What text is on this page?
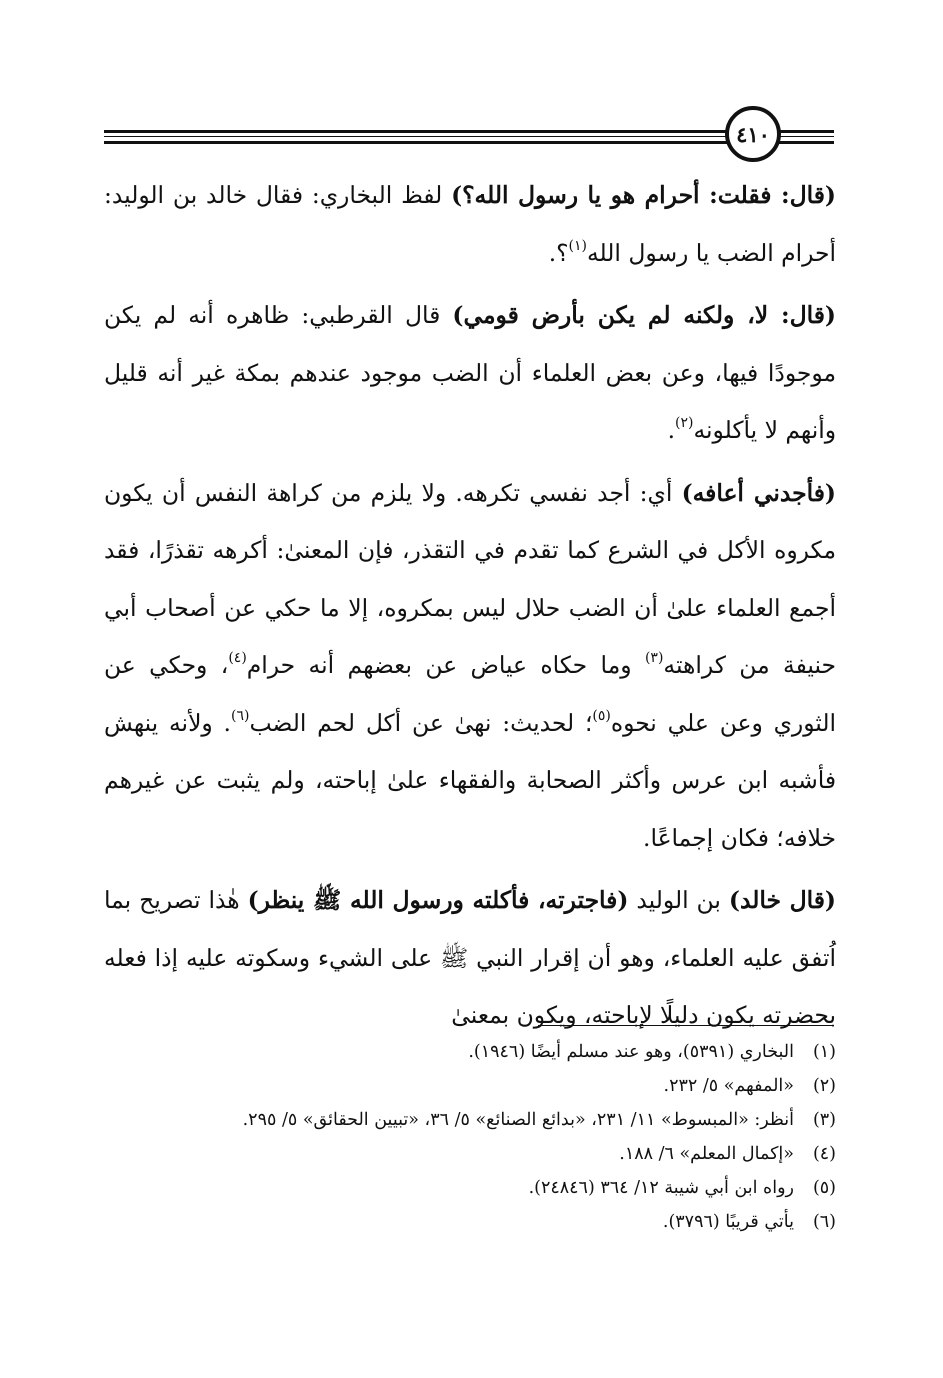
٤١٠

(قال: فقلت: أحرام هو يا رسول الله؟) لفظ البخاري: فقال خالد بن الوليد: أحرام الضب يا رسول الله$^{(١)}$؟.

(قال: لا، ولكنه لم يكن بأرض قومي) قال القرطبي: ظاهره أنه لم يكن موجودًا فيها، وعن بعض العلماء أن الضب موجود عندهم بمكة غير أنه قليل وأنهم لا يأكلونه$^{(٢)}$.

(فأجدني أعافه) أي: أجد نفسي تكرهه. ولا يلزم من كراهة النفس أن يكون مكروه الأكل في الشرع كما تقدم في التقذر، فإن المعنىٰ: أكرهه تقذرًا، فقد أجمع العلماء علىٰ أن الضب حلال ليس بمكروه، إلا ما حكي عن أصحاب أبي حنيفة من كراهته$^{(٣)}$ وما حكاه عياض عن بعضهم أنه حرام$^{(٤)}$، وحكي عن الثوري وعن علي نحوه$^{(٥)}$؛ لحديث: نهىٰ عن أكل لحم الضب$^{(٦)}$. ولأنه ينهش فأشبه ابن عرس وأكثر الصحابة والفقهاء علىٰ إباحته، ولم يثبت عن غيرهم خلافه؛ فكان إجماعًا.

(قال خالد) بن الوليد (فاجترته، فأكلته ورسول الله ﷺ ينظر) هٰذا تصريح بما اُتفق عليه العلماء، وهو أن إقرار النبي ﷺ على الشيء وسكوته عليه إذا فعله بحضرته يكون دليلًا لإباحته، ويكون بمعنىٰ

(١)
البخاري (٥٣٩١)، وهو عند مسلم أيضًا (١٩٤٦).
(٢)
«المفهم» ٥/ ٢٣٢.
(٣)
أنظر: «المبسوط» ١١/ ٢٣١، «بدائع الصنائع» ٥/ ٣٦، «تبيين الحقائق» ٥/ ٢٩٥.
(٤)
«إكمال المعلم» ٦/ ١٨٨.
(٥)
رواه ابن أبي شيبة ١٢/ ٣٦٤ (٢٤٨٤٦).
(٦)
يأتي قريبًا (٣٧٩٦).
